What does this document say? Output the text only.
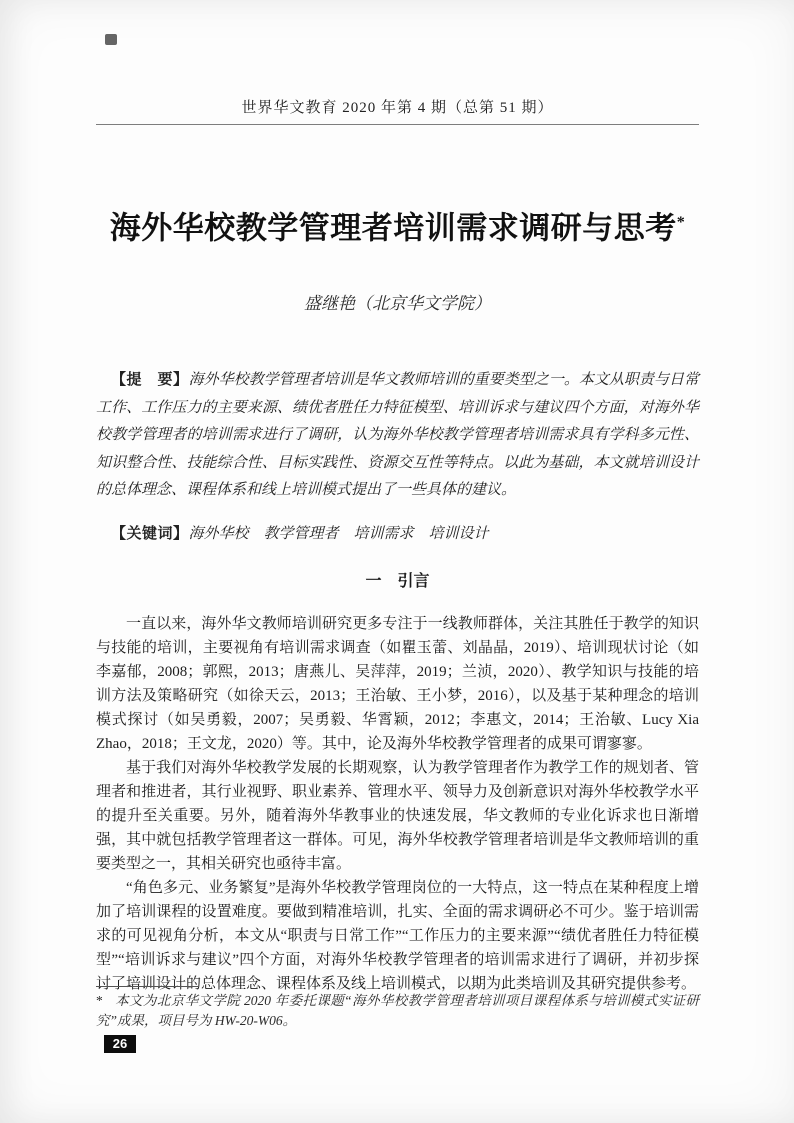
世界华文教育 2020 年第 4 期（总第 51 期）
海外华校教学管理者培训需求调研与思考*
盛继艳（北京华文学院）

【提　要】海外华校教学管理者培训是华文教师培训的重要类型之一。本文从职责与日常工作、工作压力的主要来源、绩优者胜任力特征模型、培训诉求与建议四个方面，对海外华校教学管理者的培训需求进行了调研，认为海外华校教学管理者培训需求具有学科多元性、知识整合性、技能综合性、目标实践性、资源交互性等特点。以此为基础，本文就培训设计的总体理念、课程体系和线上培训模式提出了一些具体的建议。

【关键词】海外华校　教学管理者　培训需求　培训设计

一　引言

一直以来，海外华文教师培训研究更多专注于一线教师群体，关注其胜任于教学的知识与技能的培训，主要视角有培训需求调查（如瞿玉蕾、刘晶晶，2019）、培训现状讨论（如李嘉郁，2008；郭熙，2013；唐燕儿、吴萍萍，2019；兰浈，2020）、教学知识与技能的培训方法及策略研究（如徐天云，2013；王治敏、王小梦，2016），以及基于某种理念的培训模式探讨（如吴勇毅，2007；吴勇毅、华霄颖，2012；李惠文，2014；王治敏、Lucy Xia Zhao，2018；王文龙，2020）等。其中，论及海外华校教学管理者的成果可谓寥寥。

基于我们对海外华校教学发展的长期观察，认为教学管理者作为教学工作的规划者、管理者和推进者，其行业视野、职业素养、管理水平、领导力及创新意识对海外华校教学水平的提升至关重要。另外，随着海外华教事业的快速发展，华文教师的专业化诉求也日渐增强，其中就包括教学管理者这一群体。可见，海外华校教学管理者培训是华文教师培训的重要类型之一，其相关研究也亟待丰富。

“角色多元、业务繁复”是海外华校教学管理岗位的一大特点，这一特点在某种程度上增加了培训课程的设置难度。要做到精准培训，扎实、全面的需求调研必不可少。鉴于培训需求的可见视角分析，本文从“职责与日常工作”“工作压力的主要来源”“绩优者胜任力特征模型”“培训诉求与建议”四个方面，对海外华校教学管理者的培训需求进行了调研，并初步探讨了培训设计的总体理念、课程体系及线上培训模式，以期为此类培训及其研究提供参考。

* 本文为北京华文学院 2020 年委托课题“海外华校教学管理者培训项目课程体系与培训模式实证研究”成果，项目号为 HW-20-W06。
26
